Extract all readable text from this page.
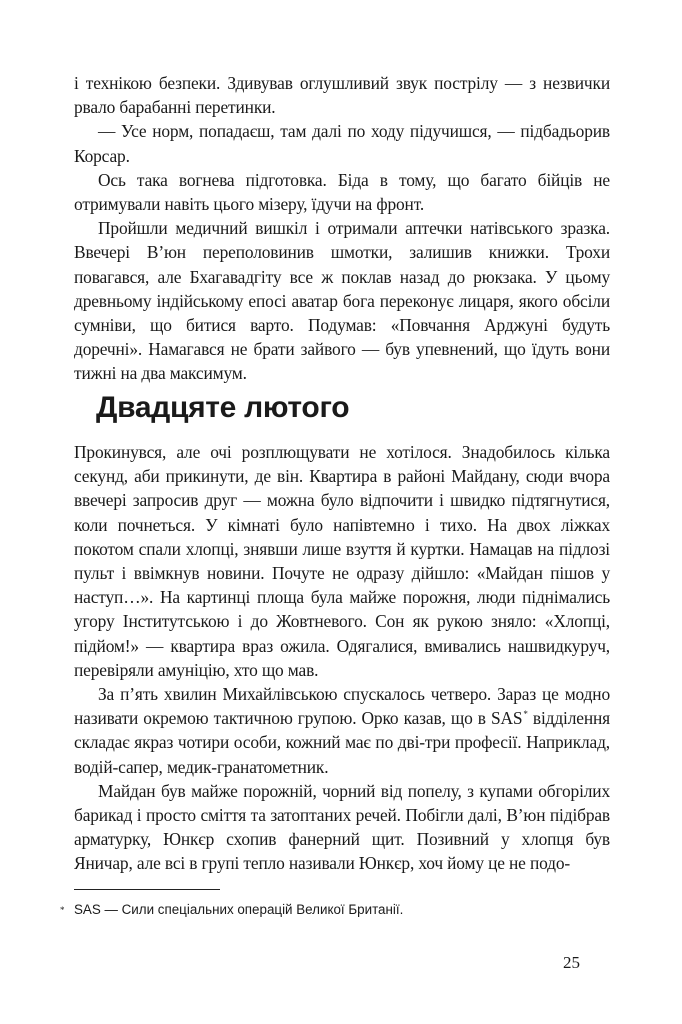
і технікою безпеки. Здивував оглушливий звук пострілу — з незвички рвало барабанні перетинки.

— Усе норм, попадаєш, там далі по ходу підучишся, — підбадьорив Корсар.

Ось така вогнева підготовка. Біда в тому, що багато бійців не отримували навіть цього мізеру, їдучи на фронт.

Пройшли медичний вишкіл і отримали аптечки натівського зразка. Ввечері В’юн переполовинив шмотки, залишив книжки. Трохи повагався, але Бхагавадгіту все ж поклав назад до рюкзака. У цьому древньому індійському епосі аватар бога переконує лицаря, якого обсіли сумніви, що битися варто. Подумав: «Повчання Арджуні будуть доречні». Намагався не брати зайвого — був упевнений, що їдуть вони тижні на два максимум.

Двадцяте лютого

Прокинувся, але очі розплющувати не хотілося. Знадобилось кілька секунд, аби прикинути, де він. Квартира в районі Майдану, сюди вчора ввечері запросив друг — можна було відпочити і швидко підтягнутися, коли почнеться. У кімнаті було напівтемно і тихо. На двох ліжках покотом спали хлопці, знявши лише взуття й куртки. Намацав на підлозі пульт і ввімкнув новини. Почуте не одразу дійшло: «Майдан пішов у наступ…». На картинці площа була майже порожня, люди піднімались угору Інститутською і до Жовтневого. Сон як рукою зняло: «Хлопці, підйом!» — квартира враз ожила. Одягалися, вмивались нашвидкуруч, перевіряли амуніцію, хто що мав.

За п’ять хвилин Михайлівською спускалось четверо. Зараз це модно називати окремою тактичною групою. Орко казав, що в SAS* відділення складає якраз чотири особи, кожний має по дві-три професії. Наприклад, водій-сапер, медик-гранатометник.

Майдан був майже порожній, чорний від попелу, з купами обгорілих барикад і просто сміття та затоптаних речей. Побігли далі, В’юн підібрав арматурку, Юнкєр схопив фанерний щит. Позивний у хлопця був Яничар, але всі в групі тепло називали Юнкєр, хоч йому це не подо-

* SAS — Сили спеціальних операцій Великої Британії.
25
